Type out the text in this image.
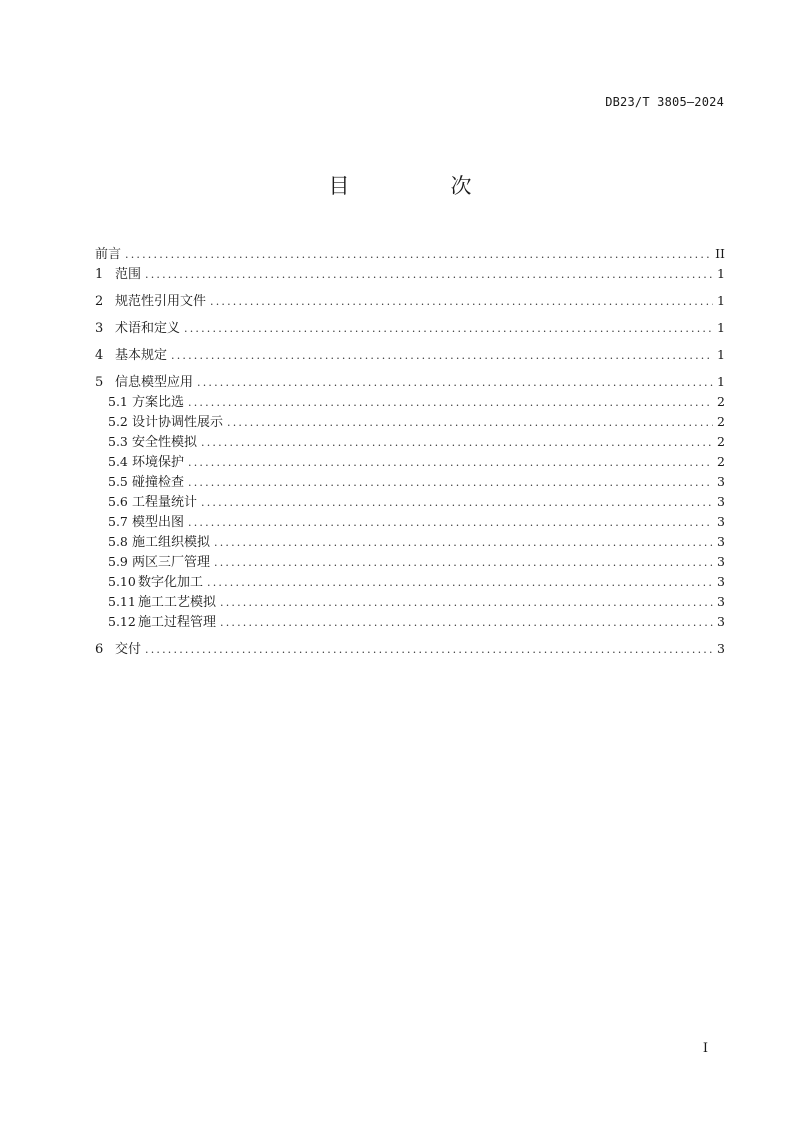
DB23/T 3805—2024
目　次
前言 .....	II
1 范围 .....	1
2 规范性引用文件 .....	1
3 术语和定义 .....	1
4 基本规定 .....	1
5 信息模型应用 .....	1
5.1 方案比选 .....	2
5.2 设计协调性展示 .....	2
5.3 安全性模拟 .....	2
5.4 环境保护 .....	2
5.5 碰撞检查 .....	3
5.6 工程量统计 .....	3
5.7 模型出图 .....	3
5.8 施工组织模拟 .....	3
5.9 两区三厂管理 .....	3
5.10 数字化加工 .....	3
5.11 施工工艺模拟 .....	3
5.12 施工过程管理 .....	3
6 交付 .....	3
I
